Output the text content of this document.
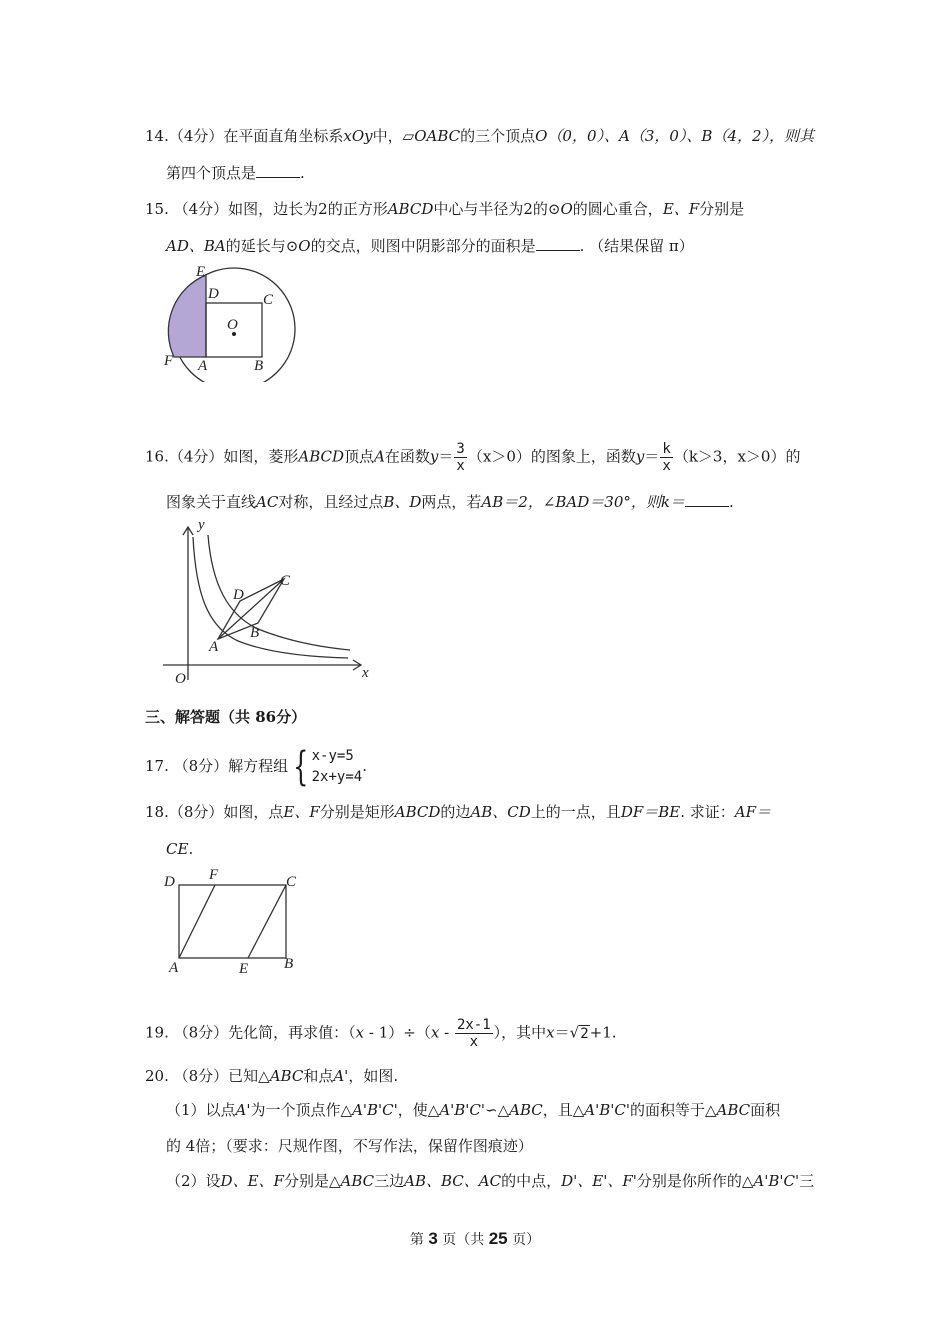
14.（4分）在平面直角坐标系xOy中，▱OABC的三个顶点O（0，0）、A（3，0）、B（4，2），则其
第四个顶点是	.
15. （4分）如图，边长为2的正方形ABCD中心与半径为2的⊙O的圆心重合，E、F分别是
AD、BA的延长与⊙O的交点，则图中阴影部分的面积是	. （结果保留 π）
E
D	C
O
F A	B
16.（4分）如图，菱形ABCD顶点A在函数$y= \frac{3}{x} (x>0)$的图象上，函数$y= \frac{k}{x} (k>3$，x＞0）的
图象关于直线AC对称，且经过点B、D两点，若AB＝2，∠BAD＝30°，则k＝	.
y
x
O
A
B
C
D
三、解答题（共 86分）
17. （8分）解方程组 { x-y=5
2x+y=4
.
18.（8分）如图，点E、F分别是矩形ABCD的边AB、CD上的一点，且DF＝BE. 求证：AF＝
CE.
D F	C
A	E B
19. （8分）先化简，再求值：$(x - 1)\div(x - \frac{2x-1}{x}$ ），其中x＝√2+1.
20. （8分）已知△ABC和点A'，如图.
（1）以点A'为一个顶点作△A'B'C'，使△A'B'C'∽△ABC，且△A'B'C'的面积等于△ABC面积
的 4倍；（要求：尺规作图，不写作法，保留作图痕迹）
（2）设D、E、F分别是△ABC三边AB、BC、AC的中点，D'、E'、F'分别是你所作的△A'B'C'三
第 3 页（共 25 页）
